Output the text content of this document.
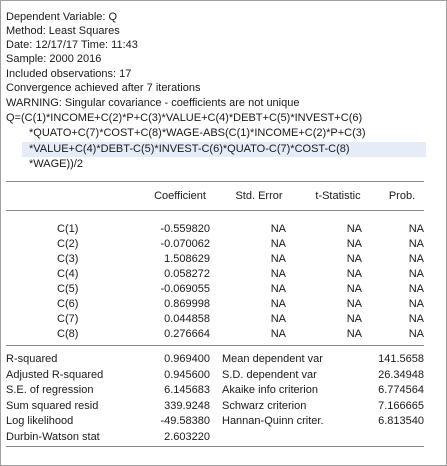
Dependent Variable: Q
Method: Least Squares
Date: 12/17/17 Time: 11:43
Sample: 2000 2016
Included observations: 17
Convergence achieved after 7 iterations
WARNING: Singular covariance - coefficients are not unique
Q=(C(1)*INCOME+C(2)*P+C(3)*VALUE+C(4)*DEBT+C(5)*INVEST+C(6)
*QUATO+C(7)*COST+C(8)*WAGE-ABS(C(1)*INCOME+C(2)*P+C(3)
*VALUE+C(4)*DEBT-C(5)*INVEST-C(6)*QUATO-C(7)*COST-C(8)
*WAGE))/2
Coefficient	Std. Error	t-Statistic	Prob.
C(1)	-0.559820	NA	NA	NA
C(2)	-0.070062	NA	NA	NA
C(3)	1.508629	NA	NA	NA
C(4)	0.058272	NA	NA	NA
C(5)	-0.069055	NA	NA	NA
C(6)	0.869998	NA	NA	NA
C(7)	0.044858	NA	NA	NA
C(8)	0.276664	NA	NA	NA
R-squared	0.969400 Mean dependent var	141.5658
Adjusted R-squared	0.945600 S.D. dependent var	26.34948
S.E. of regression	6.145683 Akaike info criterion	6.774564
Sum squared resid	339.9248 Schwarz criterion	7.166665
Log likelihood	-49.58380 Hannan-Quinn criter.	6.813540
Durbin-Watson stat	2.603220
